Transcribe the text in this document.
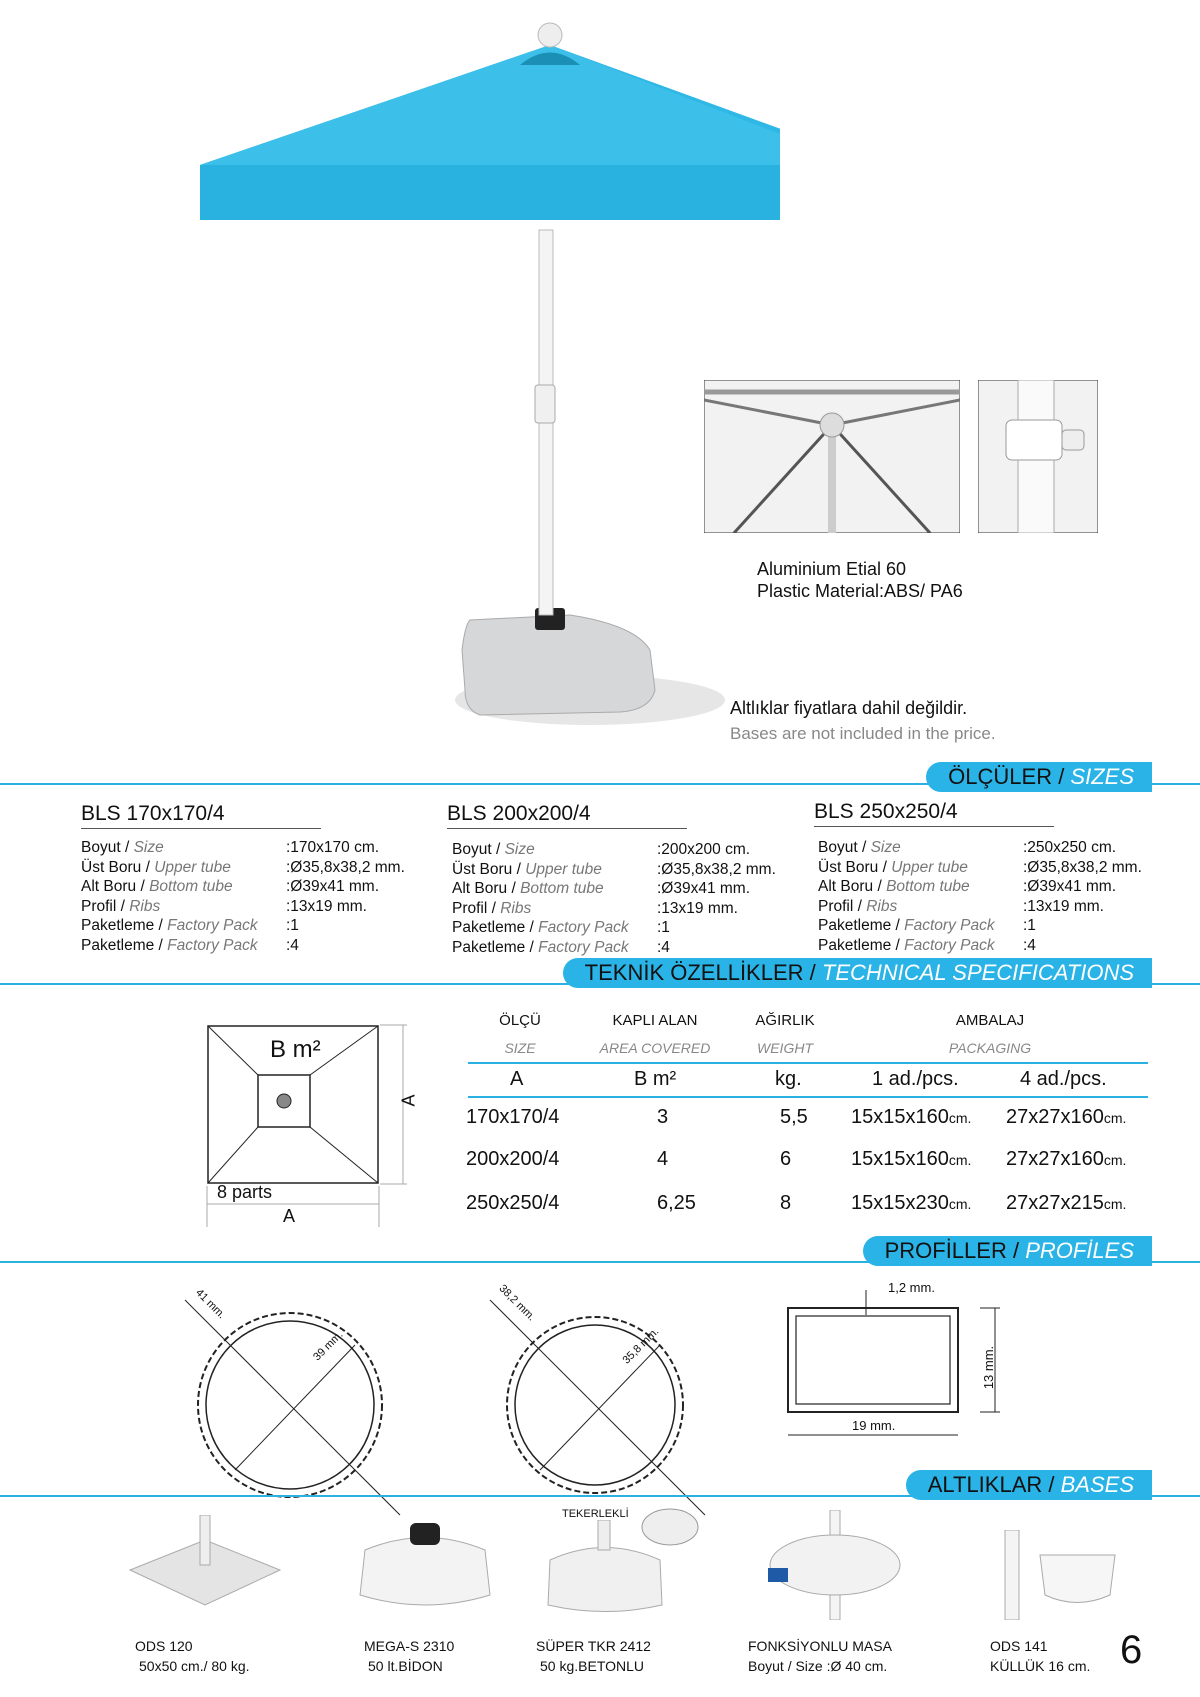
Aluminium Etial 60
Plastic Material:ABS/ PA6
Altlıklar fiyatlara dahil değildir.
Bases are not included in the price.
ÖLÇÜLER / SIZES
BLS 170x170/4	BLS 200x200/4	BLS 250x250/4
Boyut / Size	:170x170 cm.
Üst Boru / Upper tube	:Ø35,8x38,2 mm.
Alt Boru / Bottom tube	:Ø39x41 mm.
Profil / Ribs	:13x19 mm.
Paketleme / Factory Pack	:1
Paketleme / Factory Pack	:4
Boyut / Size	:200x200 cm.
Üst Boru / Upper tube	:Ø35,8x38,2 mm.
Alt Boru / Bottom tube	:Ø39x41 mm.
Profil / Ribs	:13x19 mm.
Paketleme / Factory Pack	:1
Paketleme / Factory Pack	:4
Boyut / Size	:250x250 cm.
Üst Boru / Upper tube	:Ø35,8x38,2 mm.
Alt Boru / Bottom tube	:Ø39x41 mm.
Profil / Ribs	:13x19 mm.
Paketleme / Factory Pack	:1
Paketleme / Factory Pack	:4
TEKNİK ÖZELLİKLER / TECHNICAL SPECIFICATIONS
B m²
A
8 parts
A
ÖLÇÜ	KAPLI ALAN	AĞIRLIK	AMBALAJ
SIZE	AREA COVERED	WEIGHT	PACKAGING
A	B m²	kg.	1 ad./pcs.	4 ad./pcs.
170x170/4	3	5,5 15x15x160cm. 27x27x160cm.
200x200/4	4	6	15x15x160cm. 27x27x160cm.
250x250/4	6,25	8	15x15x230cm. 27x27x215cm.
PROFİLLER / PROFİLES
41 mm.
39 mm.
38,2 mm.
35,8 mm.
1,2 mm.
13 mm.
19 mm.
ALTLIKLAR / BASES
TEKERLEKLİ
ODS 120
50x50 cm./ 80 kg.
MEGA-S 2310
50 lt.BİDON
SÜPER TKR 2412
50 kg.BETONLU
FONKSİYONLU MASA
Boyut / Size :Ø 40 cm.
ODS 141
KÜLLÜK 16 cm. 6
